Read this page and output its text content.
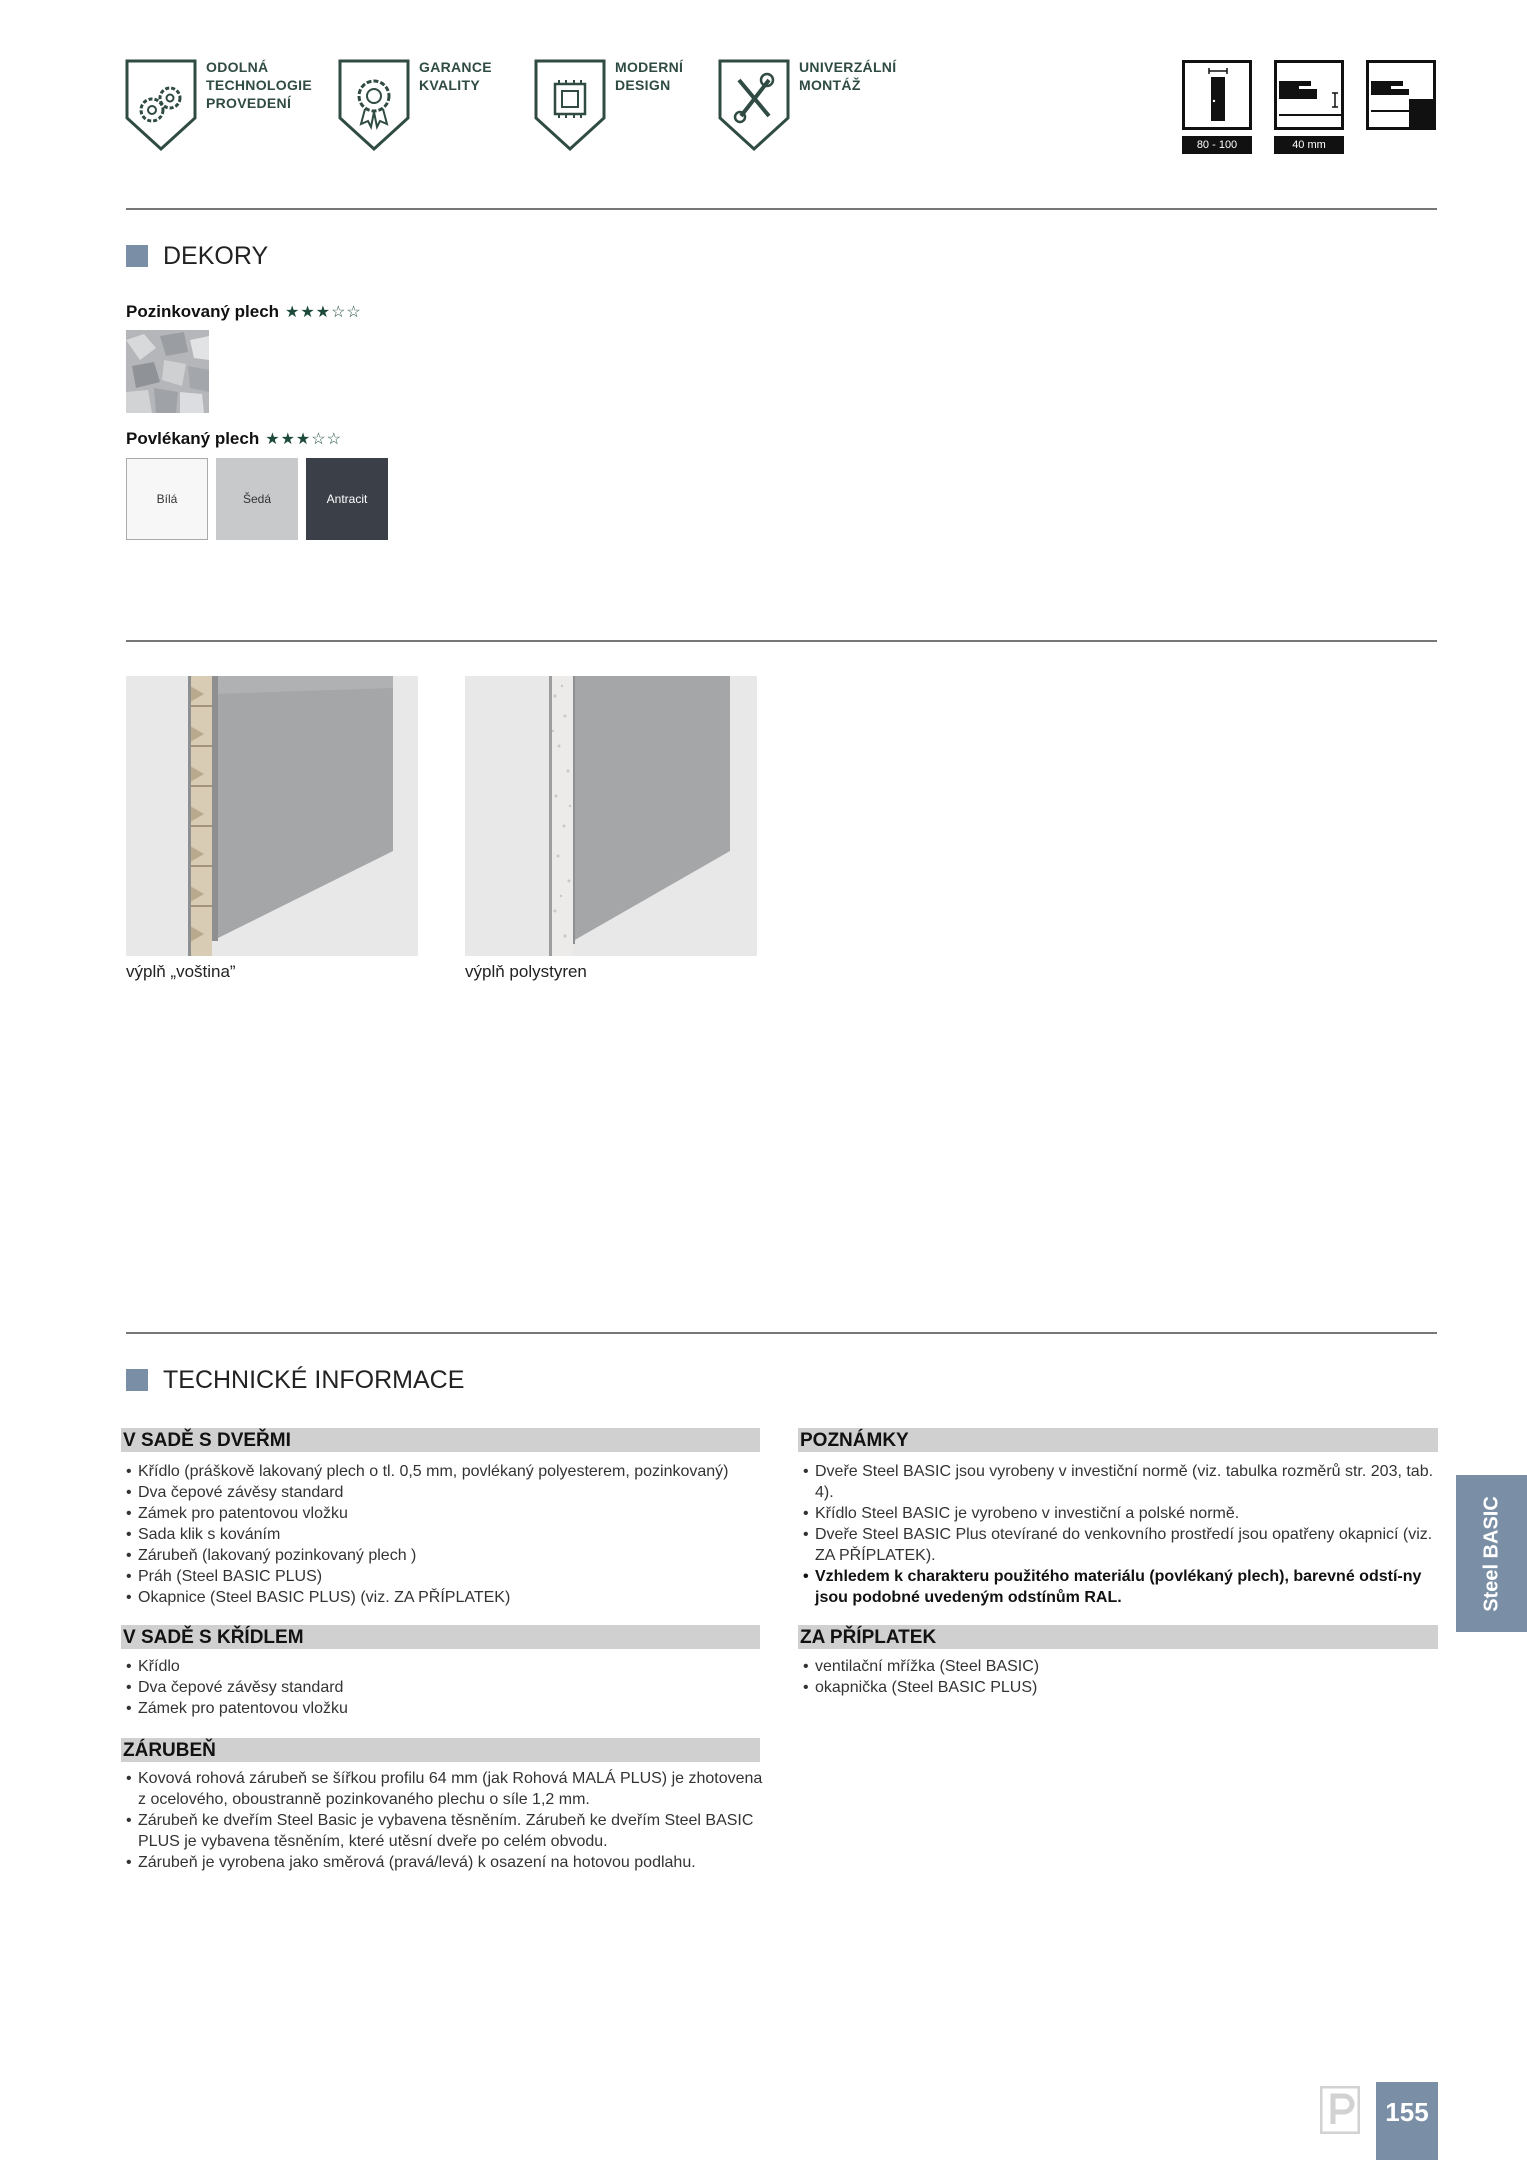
ODOLNÁ
TECHNOLOGIE
PROVEDENÍ
GARANCE
KVALITY
MODERNÍ
DESIGN
UNIVERZÁLNÍ
MONTÁŽ
80 - 100	40 mm
DEKORY
Pozinkovaný plech ★★★☆☆
Povlékaný plech ★★★☆☆
Bílá	Šedá	Antracit
výplň „voština”	výplň polystyren
TECHNICKÉ INFORMACE
V SADĚ S DVEŘMI
• Křídlo (práškově lakovaný plech o tl. 0,5 mm, povlékaný polyesterem, pozinkovaný)
• Dva čepové závěsy standard
• Zámek pro patentovou vložku
• Sada klik s kováním
• Zárubeň (lakovaný pozinkovaný plech )
• Práh (Steel BASIC PLUS)
• Okapnice (Steel BASIC PLUS) (viz. ZA PŘÍPLATEK)
V SADĚ S KŘÍDLEM
• Křídlo
• Dva čepové závěsy standard
• Zámek pro patentovou vložku
ZÁRUBEŇ
• Kovová rohová zárubeň se šířkou profilu 64 mm (jak Rohová MALÁ PLUS) je zhotovena z ocelového, oboustranně pozinkovaného plechu o síle 1,2 mm.
• Zárubeň ke dveřím Steel Basic je vybavena těsněním. Zárubeň ke dveřím Steel BASIC PLUS je vybavena těsněním, které utěsní dveře po celém obvodu.
• Zárubeň je vyrobena jako směrová (pravá/levá) k osazení na hotovou podlahu.
POZNÁMKY
• Dveře Steel BASIC jsou vyrobeny v investiční normě (viz. tabulka rozměrů str. 203, tab. 4).
• Křídlo Steel BASIC je vyrobeno v investiční a polské normě.
• Dveře Steel BASIC Plus otevírané do venkovního prostředí jsou opatřeny okapnicí (viz. ZA PŘÍPLATEK).
• Vzhledem k charakteru použitého materiálu (povlékaný plech), barevné odstí-ny jsou podobné uvedeným odstínům RAL.
ZA PŘÍPLATEK
• ventilační mřížka (Steel BASIC)
• okapnička (Steel BASIC PLUS)
Steel BASIC
155
